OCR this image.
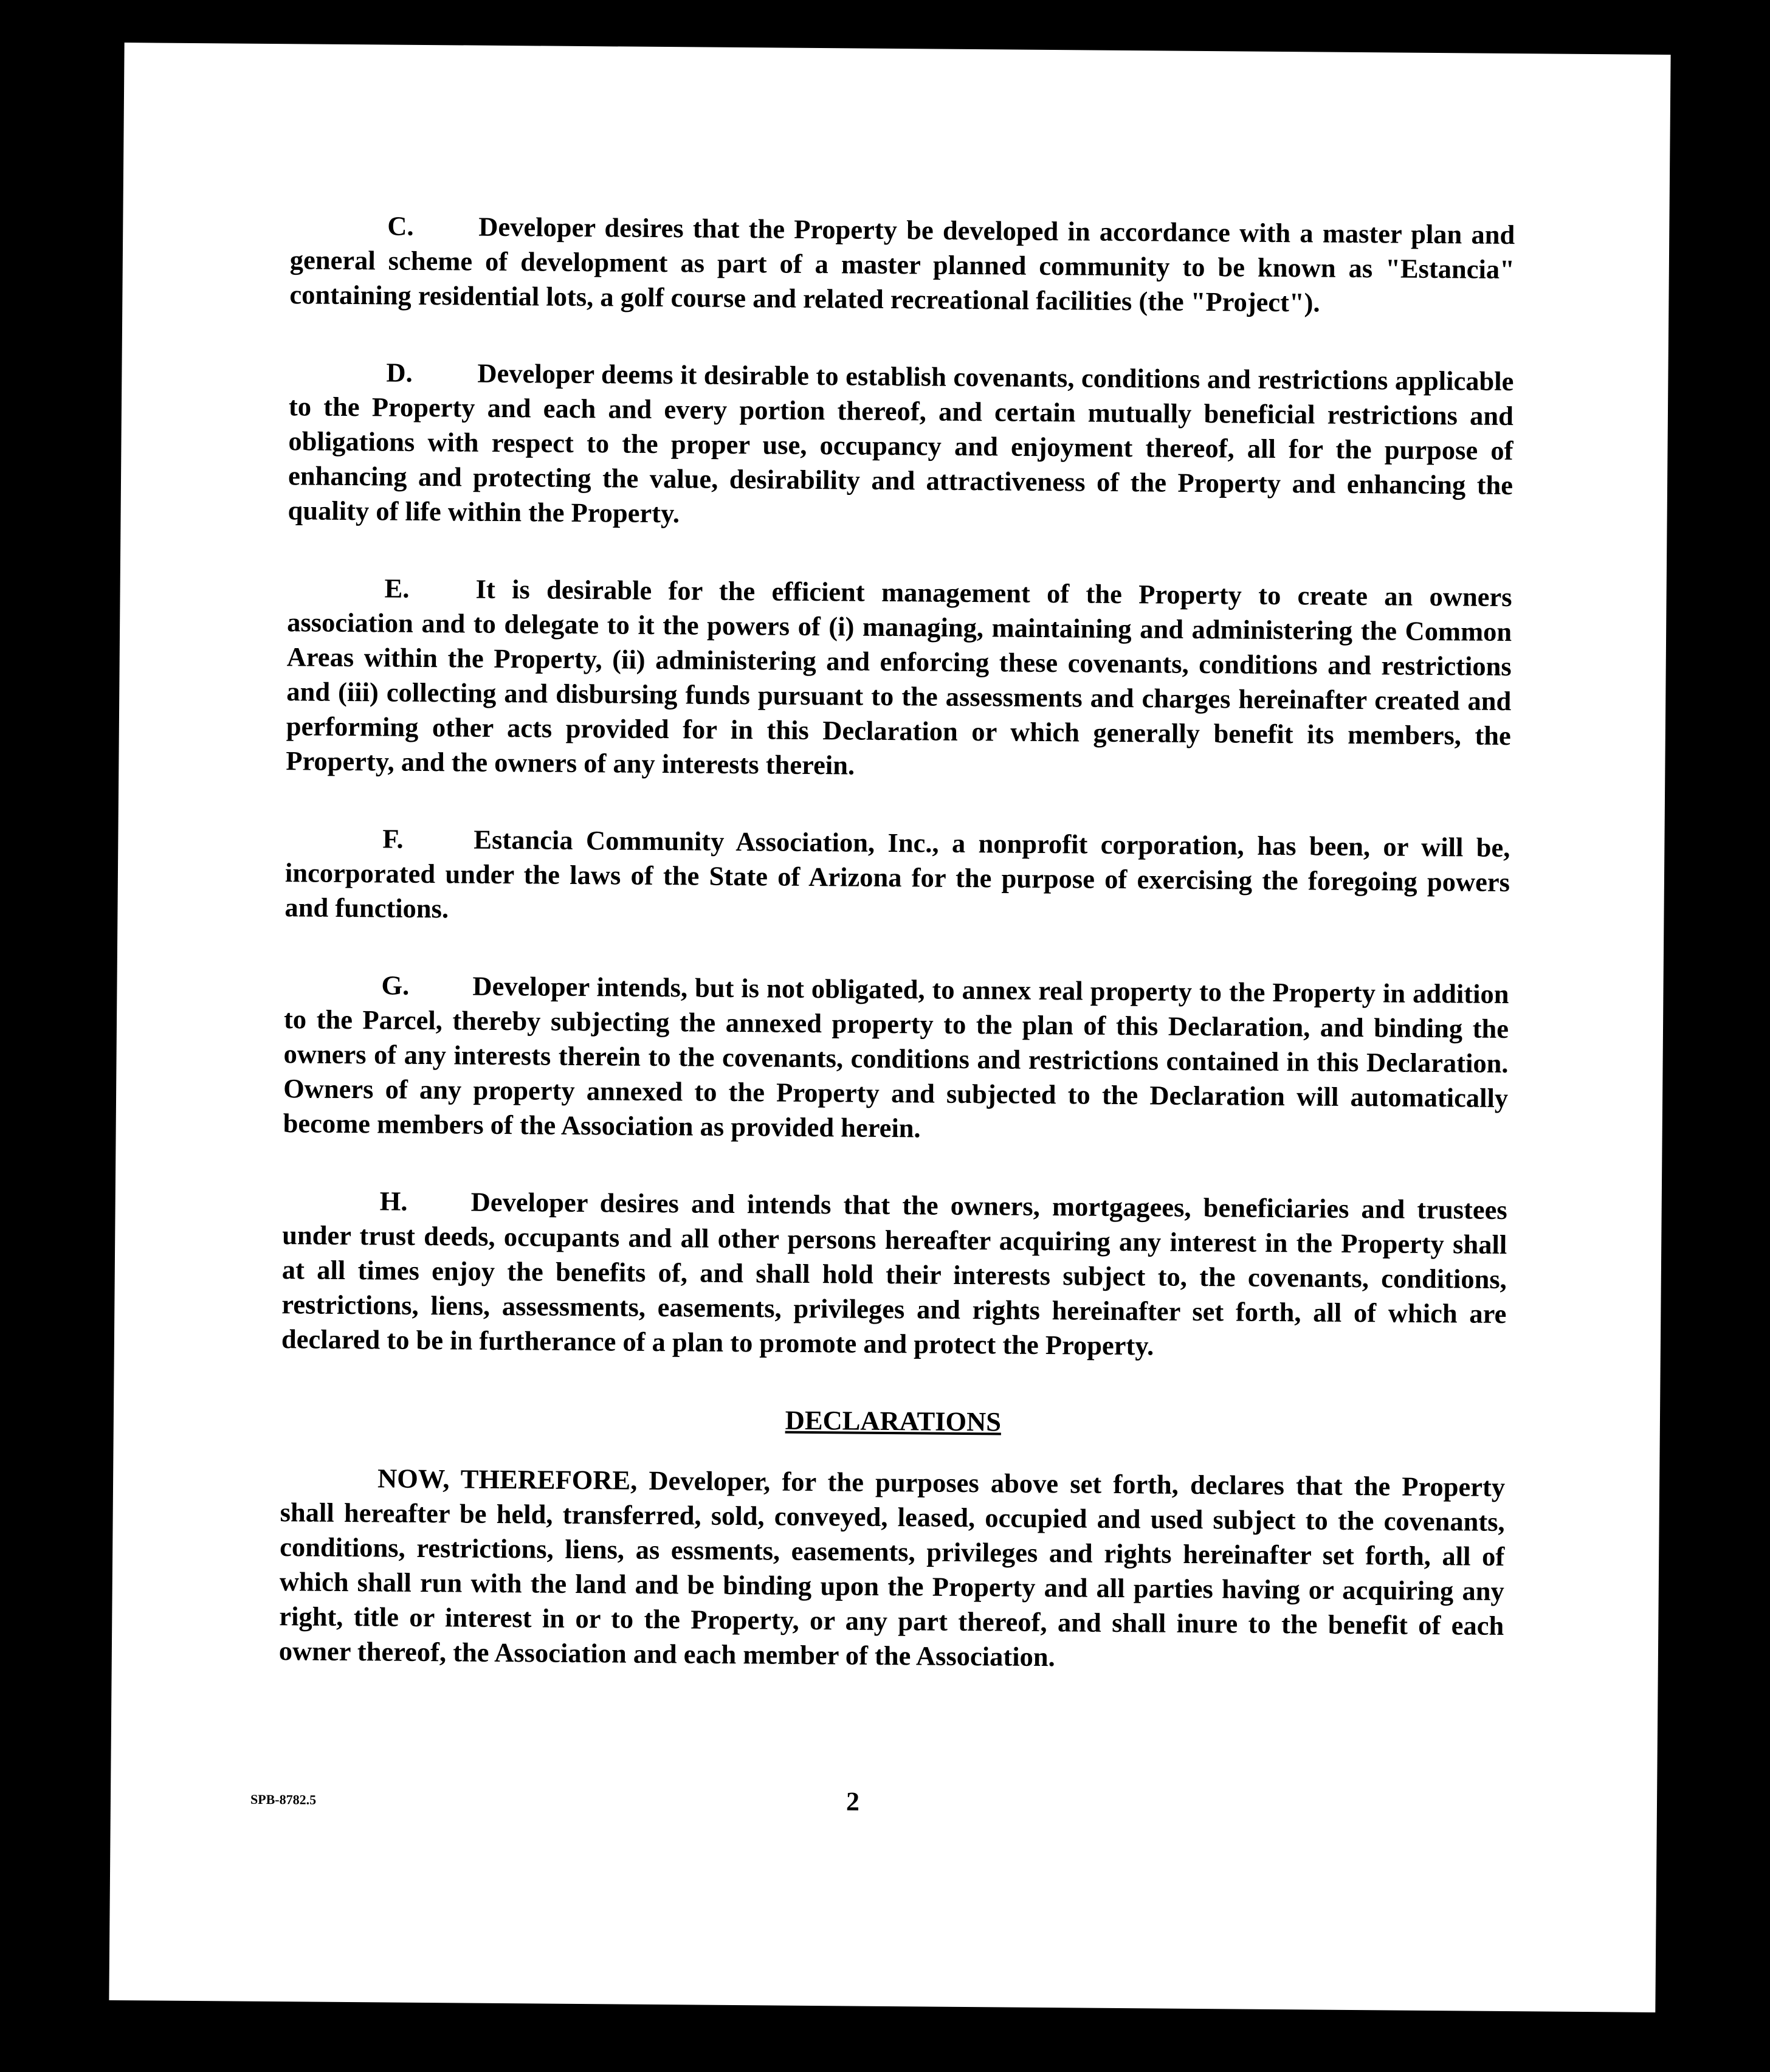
C. Developer desires that the Property be developed in accordance with a master plan and general scheme of development as part of a master planned community to be known as "Estancia" containing residential lots, a golf course and related recreational facilities (the "Project").

D. Developer deems it desirable to establish covenants, conditions and restrictions applicable to the Property and each and every portion thereof, and certain mutually beneficial restrictions and obligations with respect to the proper use, occupancy and enjoyment thereof, all for the purpose of enhancing and protecting the value, desirability and attractiveness of the Property and enhancing the quality of life within the Property.

E. It is desirable for the efficient management of the Property to create an owners association and to delegate to it the powers of (i) managing, maintaining and administering the Common Areas within the Property, (ii) administering and enforcing these covenants, conditions and restrictions and (iii) collecting and disbursing funds pursuant to the assessments and charges hereinafter created and performing other acts provided for in this Declaration or which generally benefit its members, the Property, and the owners of any interests therein.

F.	Estancia Community Association, Inc., a nonprofit corporation, has been, or will be, incorporated under the laws of the State of Arizona for the purpose of exercising the foregoing powers and functions.

G. Developer intends, but is not obligated, to annex real property to the Property in addition to the Parcel, thereby subjecting the annexed property to the plan of this Declaration, and binding the owners of any interests therein to the covenants, conditions and restrictions contained in this Declaration. Owners of any property annexed to the Property and subjected to the Declaration will automatically become members of the Association as provided herein.

H. Developer desires and intends that the owners, mortgagees, beneficiaries and trustees under trust deeds, occupants and all other persons hereafter acquiring any interest in the Property shall at all times enjoy the benefits of, and shall hold their interests subject to, the covenants, conditions, restrictions, liens, assessments, easements, privileges and rights hereinafter set forth, all of which are declared to be in furtherance of a plan to promote and protect the Property.

DECLARATIONS

NOW, THEREFORE, Developer, for the purposes above set forth, declares that the Property shall hereafter be held, transferred, sold, conveyed, leased, occupied and used subject to the covenants, conditions, restrictions, liens, as essments, easements, privileges and rights hereinafter set forth, all of which shall run with the land and be binding upon the Property and all parties having or acquiring any right, title or interest in or to the Property, or any part thereof, and shall inure to the benefit of each owner thereof, the Association and each member of the Association.

SPB-8782.5	2
